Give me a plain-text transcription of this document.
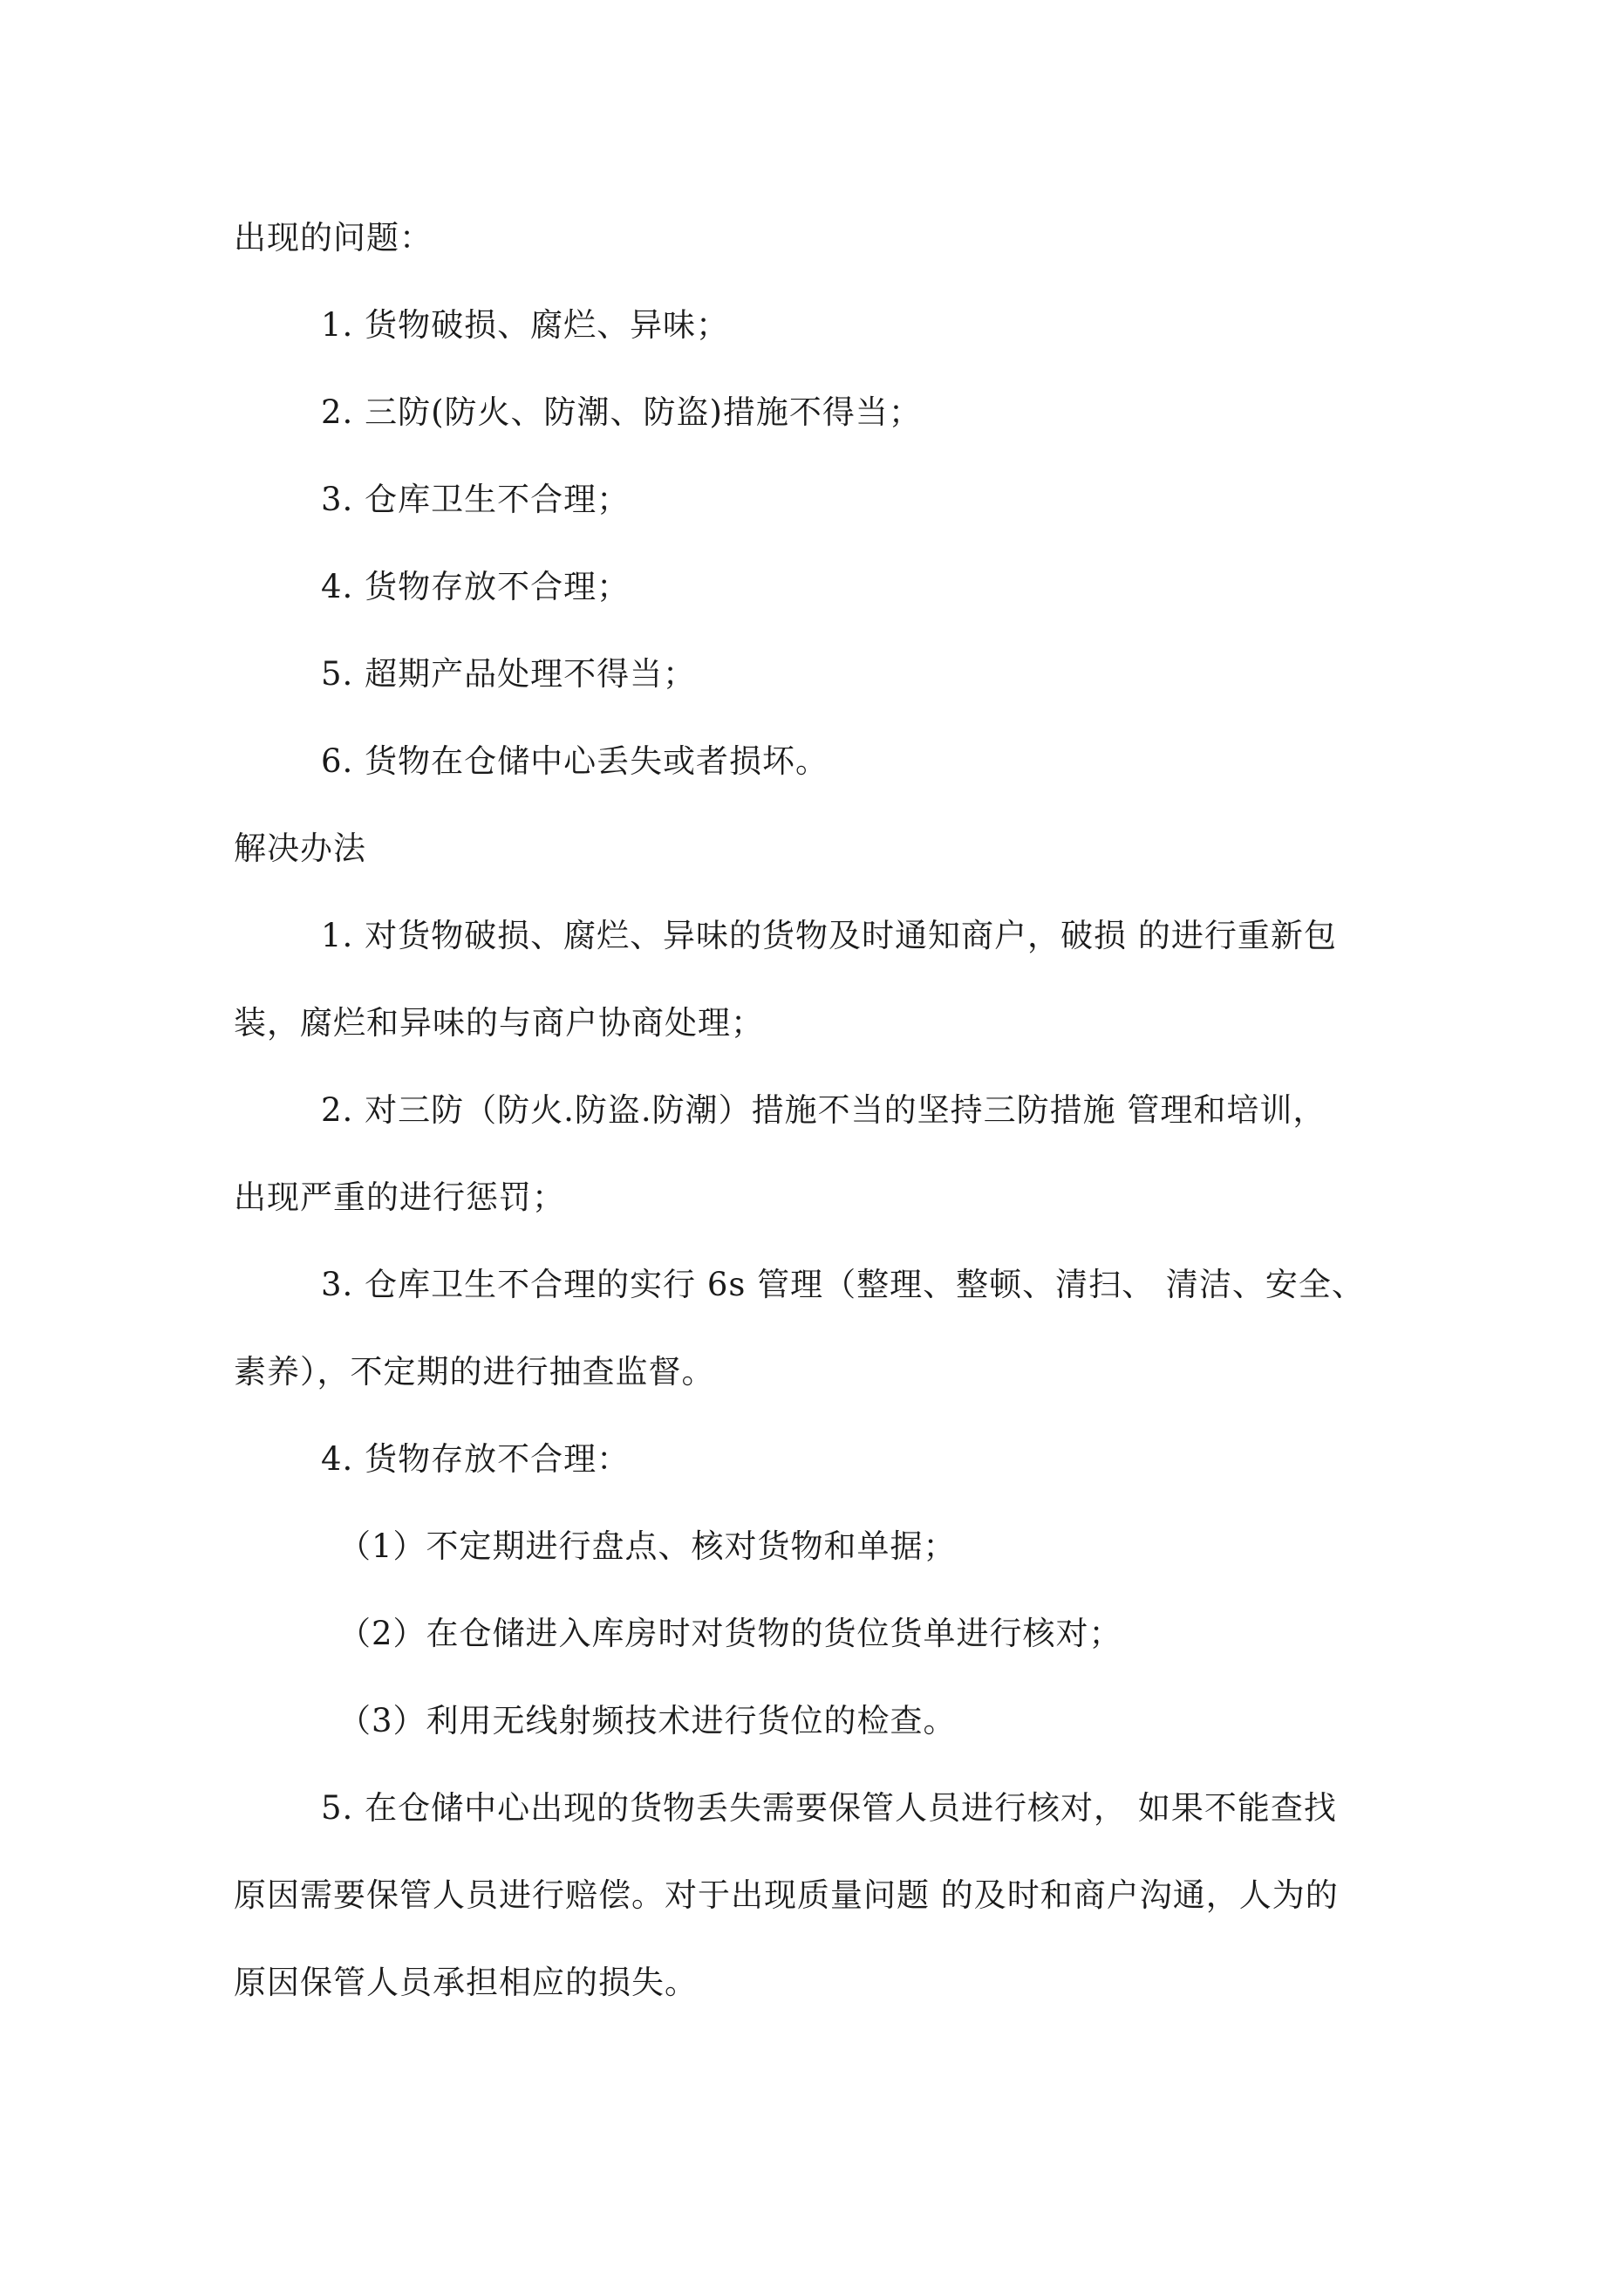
出现的问题：
1. 货物破损、腐烂、异味；
2. 三防(防火、防潮、防盗)措施不得当；
3. 仓库卫生不合理；
4. 货物存放不合理；
5. 超期产品处理不得当；
6. 货物在仓储中心丢失或者损坏。
解决办法
1. 对货物破损、腐烂、异味的货物及时通知商户，破损 的进行重新包
装，腐烂和异味的与商户协商处理；
2. 对三防（防火.防盗.防潮）措施不当的坚持三防措施 管理和培训，
出现严重的进行惩罚；
3. 仓库卫生不合理的实行 6s 管理（整理、整顿、清扫、 清洁、安全、
素养），不定期的进行抽查监督。
4. 货物存放不合理：
（1）不定期进行盘点、核对货物和单据；
（2）在仓储进入库房时对货物的货位货单进行核对；
（3）利用无线射频技术进行货位的检查。
5. 在仓储中心出现的货物丢失需要保管人员进行核对， 如果不能查找
原因需要保管人员进行赔偿。对于出现质量问题 的及时和商户沟通，人为的
原因保管人员承担相应的损失。
